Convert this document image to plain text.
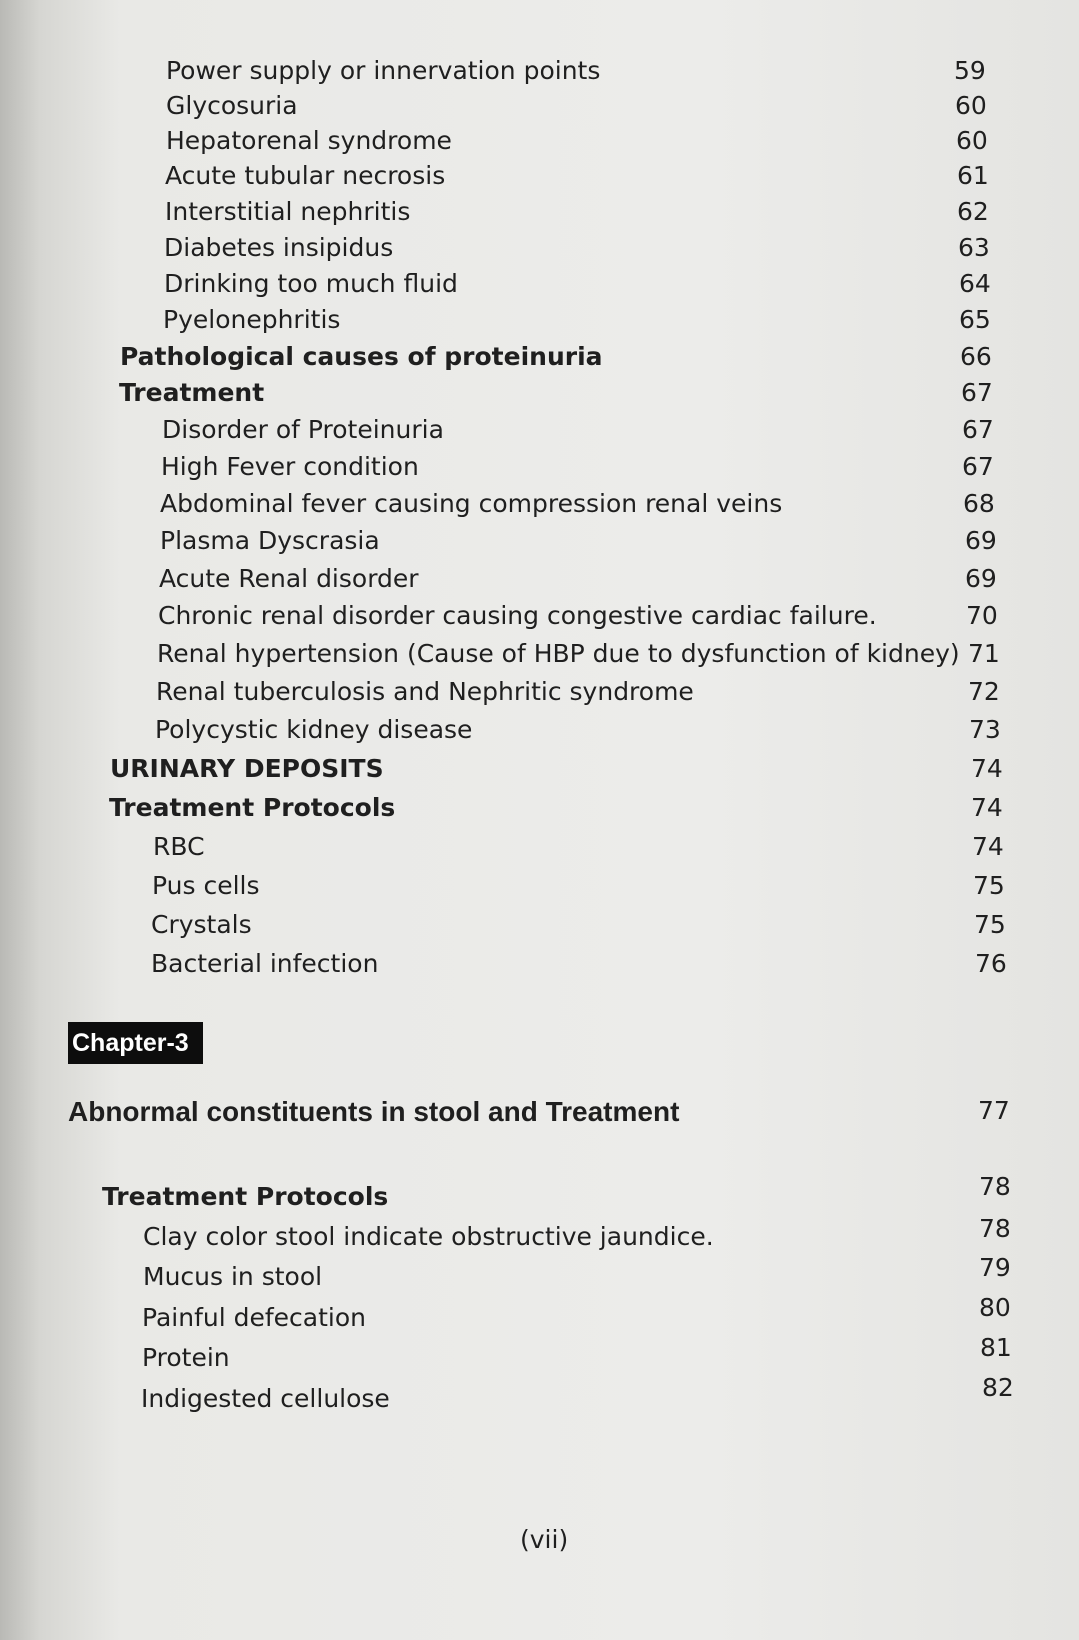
Power supply or innervation points	59
Glycosuria	60
Hepatorenal syndrome	60
Acute tubular necrosis	61
Interstitial nephritis	62
Diabetes insipidus	63
Drinking too much fluid	64
Pyelonephritis	65
Pathological causes of proteinuria	66
Treatment	67
Disorder of Proteinuria	67
High Fever condition	67
Abdominal fever causing compression renal veins	68
Plasma Dyscrasia	69
Acute Renal disorder	69
Chronic renal disorder causing congestive cardiac failure.	70
Renal hypertension (Cause of HBP due to dysfunction of kidney) 71
Renal tuberculosis and Nephritic syndrome	72
Polycystic kidney disease	73
URINARY DEPOSITS	74
Treatment Protocols	74
RBC	74
Pus cells	75
Crystals	75
Bacterial infection	76
Chapter-3
Abnormal constituents in stool and Treatment	77
Treatment Protocols	78
Clay color stool indicate obstructive jaundice.	78
Mucus in stool	79
Painful defecation	80
Protein	81
Indigested cellulose	82
(vii)
